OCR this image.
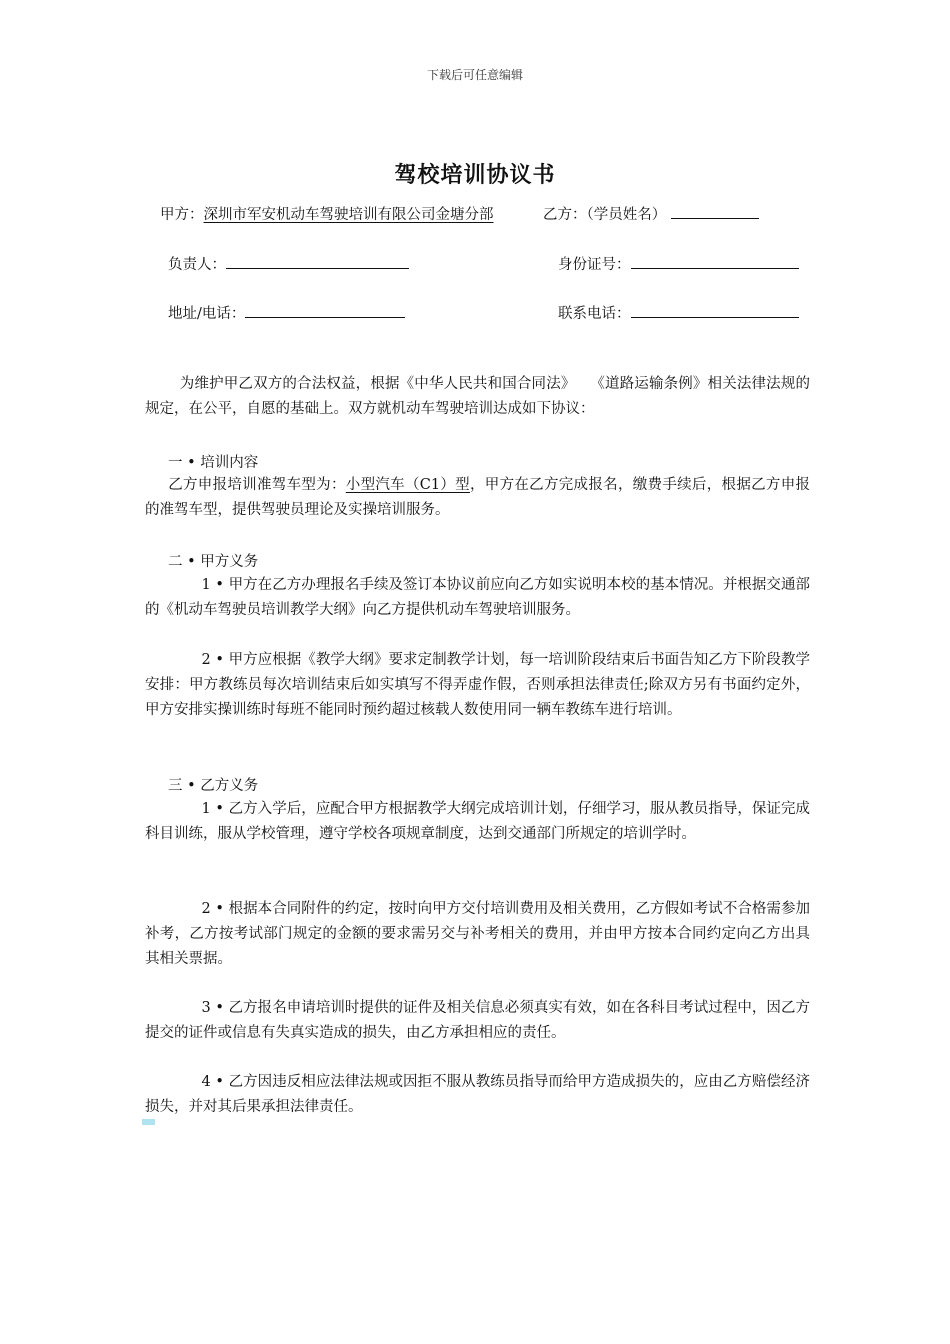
下载后可任意编辑
驾校培训协议书
甲方：深圳市军安机动车驾驶培训有限公司金塘分部	乙方：（学员姓名）
负责人：	身份证号：
地址/电话：	联系电话：

为维护甲乙双方的合法权益，根据《中华人民共和国合同法》　　《道路运输条例》相关法律法规的规定，在公平，自愿的基础上。双方就机动车驾驶培训达成如下协议：

一 • 培训内容

乙方申报培训准驾车型为：小型汽车（C1）型，甲方在乙方完成报名，缴费手续后，根据乙方申报的准驾车型，提供驾驶员理论及实操培训服务。

二 • 甲方义务

1 • 甲方在乙方办理报名手续及签订本协议前应向乙方如实说明本校的基本情况。并根据交通部的《机动车驾驶员培训教学大纲》向乙方提供机动车驾驶培训服务。

2 • 甲方应根据《教学大纲》要求定制教学计划，每一培训阶段结束后书面告知乙方下阶段教学安排：甲方教练员每次培训结束后如实填写不得弄虚作假，否则承担法律责任;除双方另有书面约定外，甲方安排实操训练时每班不能同时预约超过核载人数使用同一辆车教练车进行培训。

三 • 乙方义务

1 • 乙方入学后，应配合甲方根据教学大纲完成培训计划，仔细学习，服从教员指导，保证完成科目训练，服从学校管理，遵守学校各项规章制度，达到交通部门所规定的培训学时。

2 • 根据本合同附件的约定，按时向甲方交付培训费用及相关费用，乙方假如考试不合格需参加补考，乙方按考试部门规定的金额的要求需另交与补考相关的费用，并由甲方按本合同约定向乙方出具其相关票据。

3 • 乙方报名申请培训时提供的证件及相关信息必须真实有效，如在各科目考试过程中，因乙方提交的证件或信息有失真实造成的损失，由乙方承担相应的责任。

4 • 乙方因违反相应法律法规或因拒不服从教练员指导而给甲方造成损失的，应由乙方赔偿经济损失，并对其后果承担法律责任。
